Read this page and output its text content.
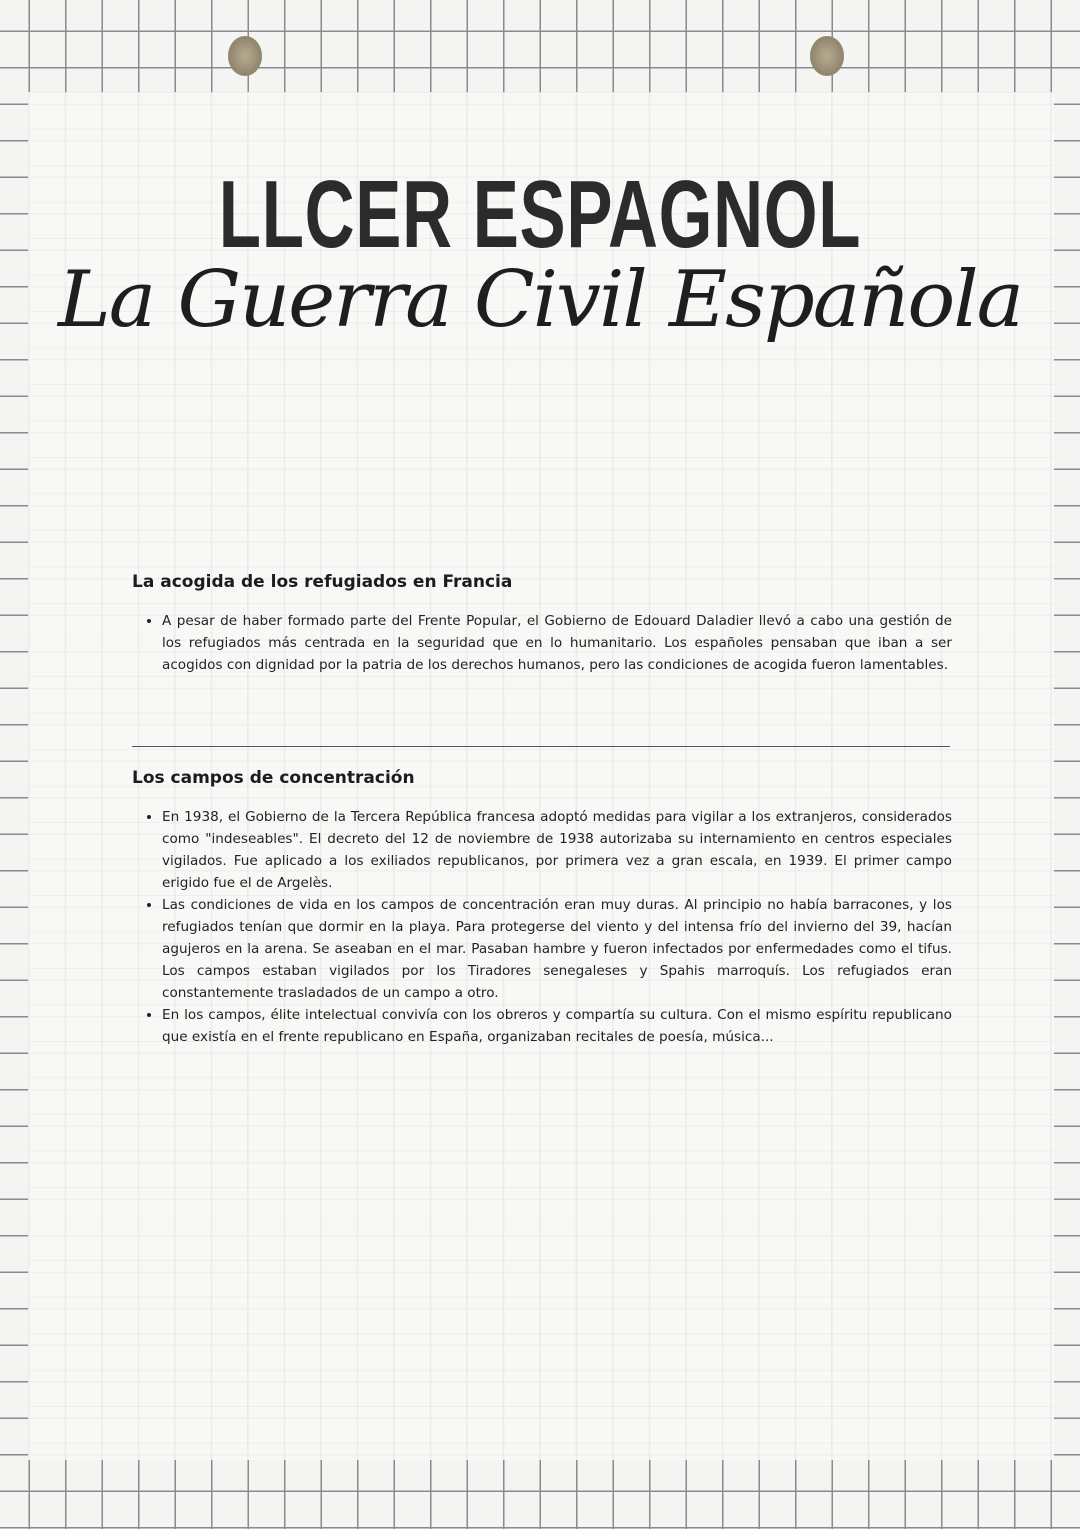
LLCER ESPAGNOL
La Guerra Civil Española
La acogida de los refugiados en Francia
• A pesar de haber formado parte del Frente Popular, el Gobierno de Edouard Daladier llevó a cabo una gestión de los refugiados más centrada en la seguridad que en lo humanitario. Los españoles pensaban que iban a ser acogidos con dignidad por la patria de los derechos humanos, pero las condiciones de acogida fueron lamentables.
Los campos de concentración
• En 1938, el Gobierno de la Tercera República francesa adoptó medidas para vigilar a los extranjeros, considerados como "indeseables". El decreto del 12 de noviembre de 1938 autorizaba su internamiento en centros especiales vigilados. Fue aplicado a los exiliados republicanos, por primera vez a gran escala, en 1939. El primer campo erigido fue el de Argelès.
• Las condiciones de vida en los campos de concentración eran muy duras. Al principio no había barracones, y los refugiados tenían que dormir en la playa. Para protegerse del viento y del intensa frío del invierno del 39, hacían agujeros en la arena. Se aseaban en el mar. Pasaban hambre y fueron infectados por enfermedades como el tifus. Los campos estaban vigilados por los Tiradores senegaleses y Spahis marroquís. Los refugiados eran constantemente trasladados de un campo a otro.
• En los campos, élite intelectual convivía con los obreros y compartía su cultura. Con el mismo espíritu republicano que existía en el frente republicano en España, organizaban recitales de poesía, música...
